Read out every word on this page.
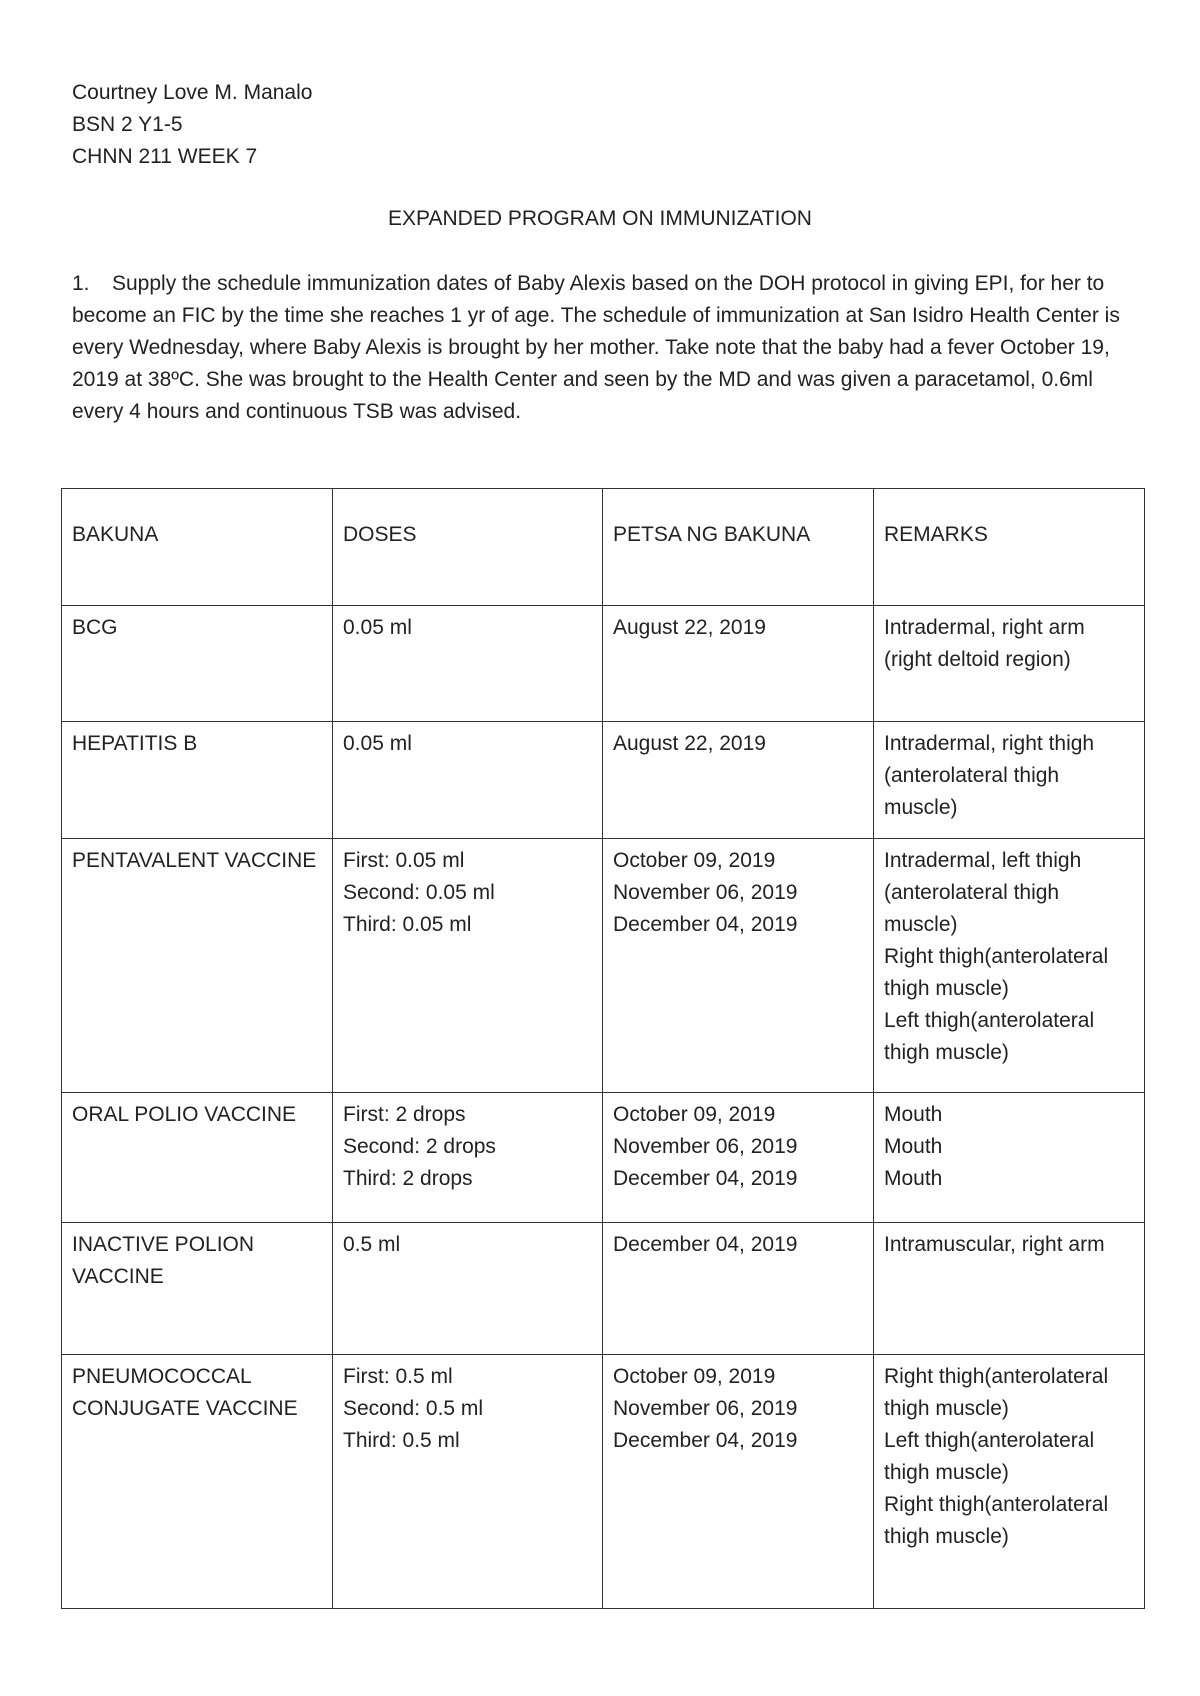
Courtney Love M. Manalo
BSN 2 Y1-5
CHNN 211 WEEK 7
EXPANDED PROGRAM ON IMMUNIZATION
1. Supply the schedule immunization dates of Baby Alexis based on the DOH protocol in giving EPI, for her to become an FIC by the time she reaches 1 yr of age. The schedule of immunization at San Isidro Health Center is every Wednesday, where Baby Alexis is brought by her mother. Take note that the baby had a fever October 19, 2019 at 38ºC. She was brought to the Health Center and seen by the MD and was given a paracetamol, 0.6ml every 4 hours and continuous TSB was advised.
BAKUNA	DOSES	PETSA NG BAKUNA	REMARKS

BCG	0.05 ml	August 22, 2019	Intradermal, right arm (right deltoid region)

HEPATITIS B	0.05 ml	August 22, 2019	Intradermal, right thigh (anterolateral thigh muscle)

PENTAVALENT VACCINE	First: 0.05 ml
Second: 0.05 ml
Third: 0.05 ml	October 09, 2019
November 06, 2019
December 04, 2019	Intradermal, left thigh (anterolateral thigh muscle)
Right thigh(anterolateral thigh muscle)
Left thigh(anterolateral thigh muscle)

ORAL POLIO VACCINE	First: 2 drops
Second: 2 drops
Third: 2 drops	October 09, 2019
November 06, 2019
December 04, 2019	Mouth
Mouth
Mouth

INACTIVE POLION VACCINE	0.5 ml	December 04, 2019	Intramuscular, right arm

PNEUMOCOCCAL CONJUGATE VACCINE	First: 0.5 ml
Second: 0.5 ml
Third: 0.5 ml	October 09, 2019
November 06, 2019
December 04, 2019	Right thigh(anterolateral thigh muscle)
Left thigh(anterolateral thigh muscle)
Right thigh(anterolateral thigh muscle)
